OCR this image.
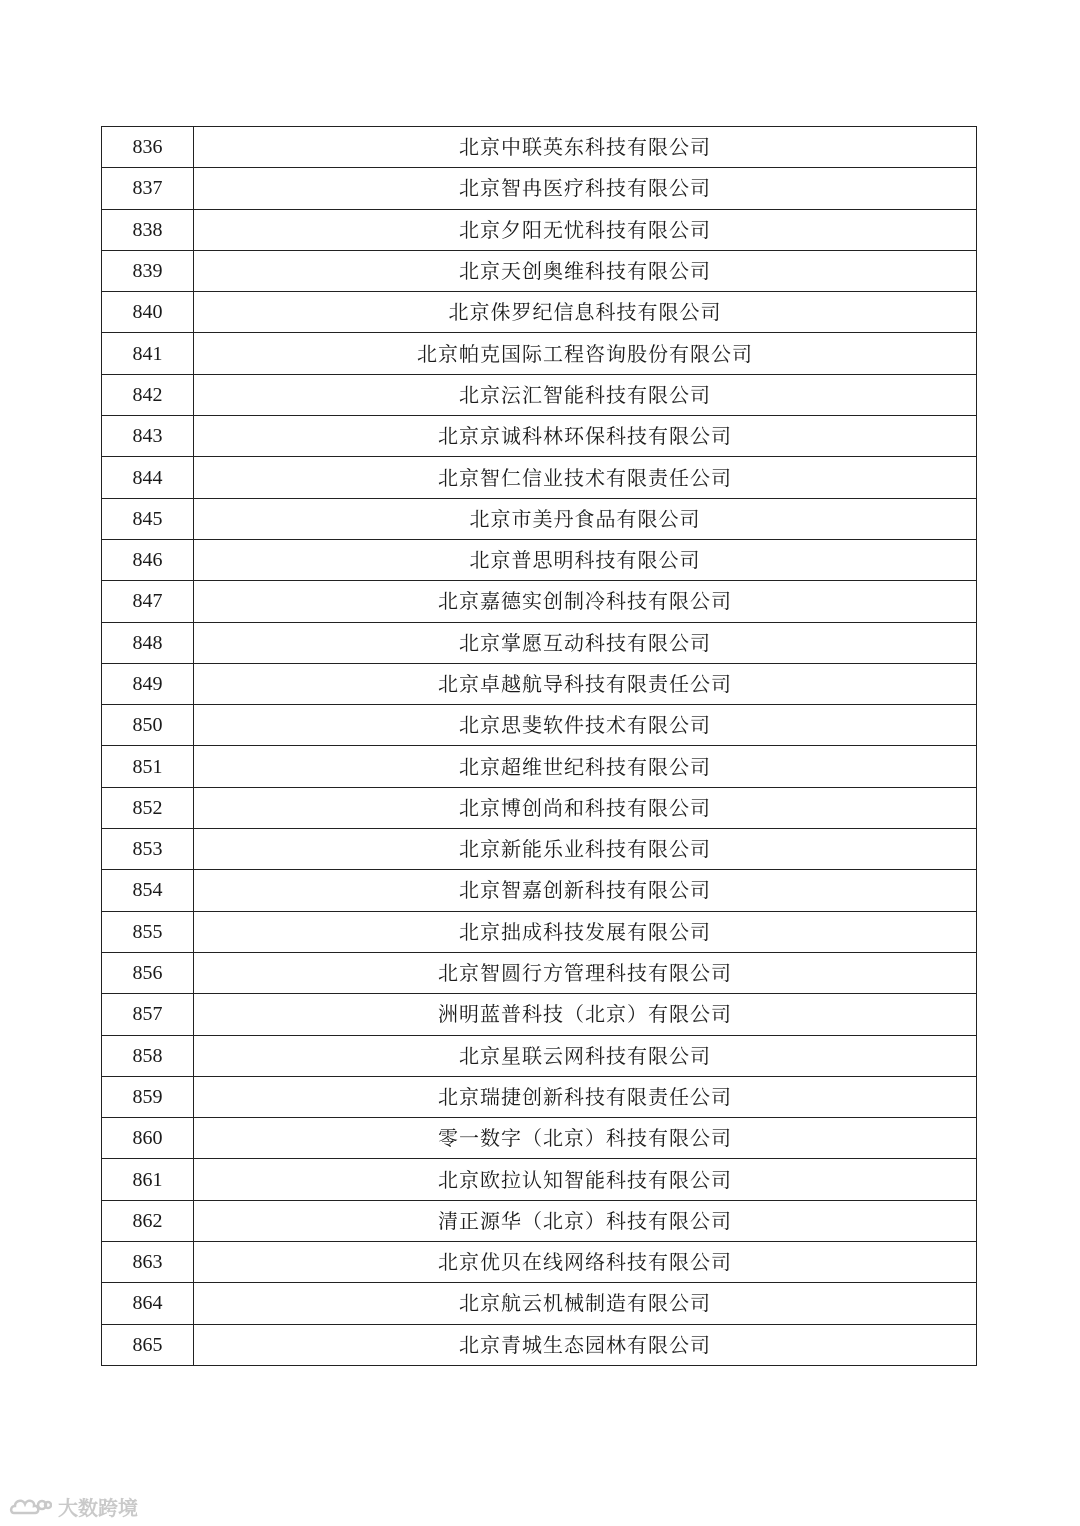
836	北京中联英东科技有限公司
837	北京智冉医疗科技有限公司
838	北京夕阳无忧科技有限公司
839	北京天创奥维科技有限公司
840	北京侏罗纪信息科技有限公司
841	北京帕克国际工程咨询股份有限公司
842	北京沄汇智能科技有限公司
843	北京京诚科林环保科技有限公司
844	北京智仁信业技术有限责任公司
845	北京市美丹食品有限公司
846	北京普思明科技有限公司
847	北京嘉德实创制冷科技有限公司
848	北京掌愿互动科技有限公司
849	北京卓越航导科技有限责任公司
850	北京思斐软件技术有限公司
851	北京超维世纪科技有限公司
852	北京博创尚和科技有限公司
853	北京新能乐业科技有限公司
854	北京智嘉创新科技有限公司
855	北京拙成科技发展有限公司
856	北京智圆行方管理科技有限公司
857	洲明蓝普科技（北京）有限公司
858	北京星联云网科技有限公司
859	北京瑞捷创新科技有限责任公司
860	零一数字（北京）科技有限公司
861	北京欧拉认知智能科技有限公司
862	清正源华（北京）科技有限公司
863	北京优贝在线网络科技有限公司
864	北京航云机械制造有限公司
865	北京青城生态园林有限公司
大数跨境
